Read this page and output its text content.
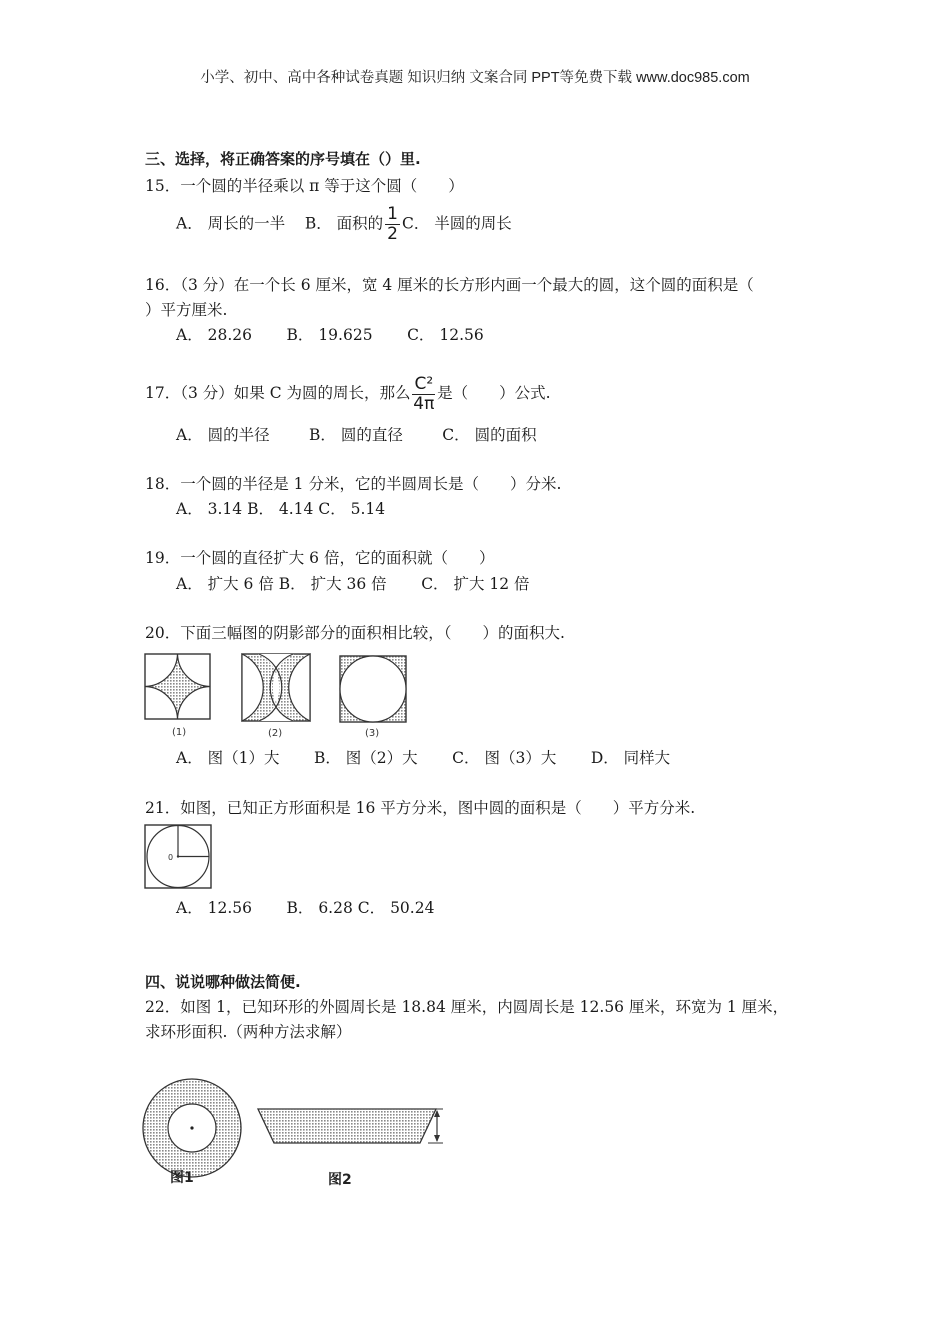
小学、初中、高中各种试卷真题 知识归纳 文案合同 PPT等免费下载 www.doc985.com
三、选择，将正确答案的序号填在（）里.
15．一个圆的半径乘以 π 等于这个圆（　　）
A． 周长的一半 B． 面积的 $\frac{1}{2}$ C． 半圆的周长
16．（3 分）在一个长 6 厘米，宽 4 厘米的长方形内画一个最大的圆，这个圆的面积是（
）平方厘米.
A． 28.26 B． 19.625 C． 12.56
17．（3 分）如果 C 为圆的周长，那么 $\frac{\text{C²}}{4\pi}$ 是（　　）公式.
A． 圆的半径	B． 圆的直径	C． 圆的面积
18．一个圆的半径是 1 分米，它的半圆周长是（　　）分米.
A． 3.14 B． 4.14 C． 5.14
19．一个圆的直径扩大 6 倍，它的面积就（　　）
A． 扩大 6 倍 B． 扩大 36 倍 C． 扩大 12 倍
20．下面三幅图的阴影部分的面积相比较，（　　）的面积大.
(1)	(2)	(3)
A． 图（1）大 B． 图（2）大 C． 图（3）大 D． 同样大
21．如图，已知正方形面积是 16 平方分米，图中圆的面积是（　　）平方分米.
0
A． 12.56 B． 6.28 C． 50.24
四、说说哪种做法简便.
22．如图 1，已知环形的外圆周长是 18.84 厘米，内圆周长是 12.56 厘米，环宽为 1 厘米，
求环形面积.（两种方法求解）
图1	图2
